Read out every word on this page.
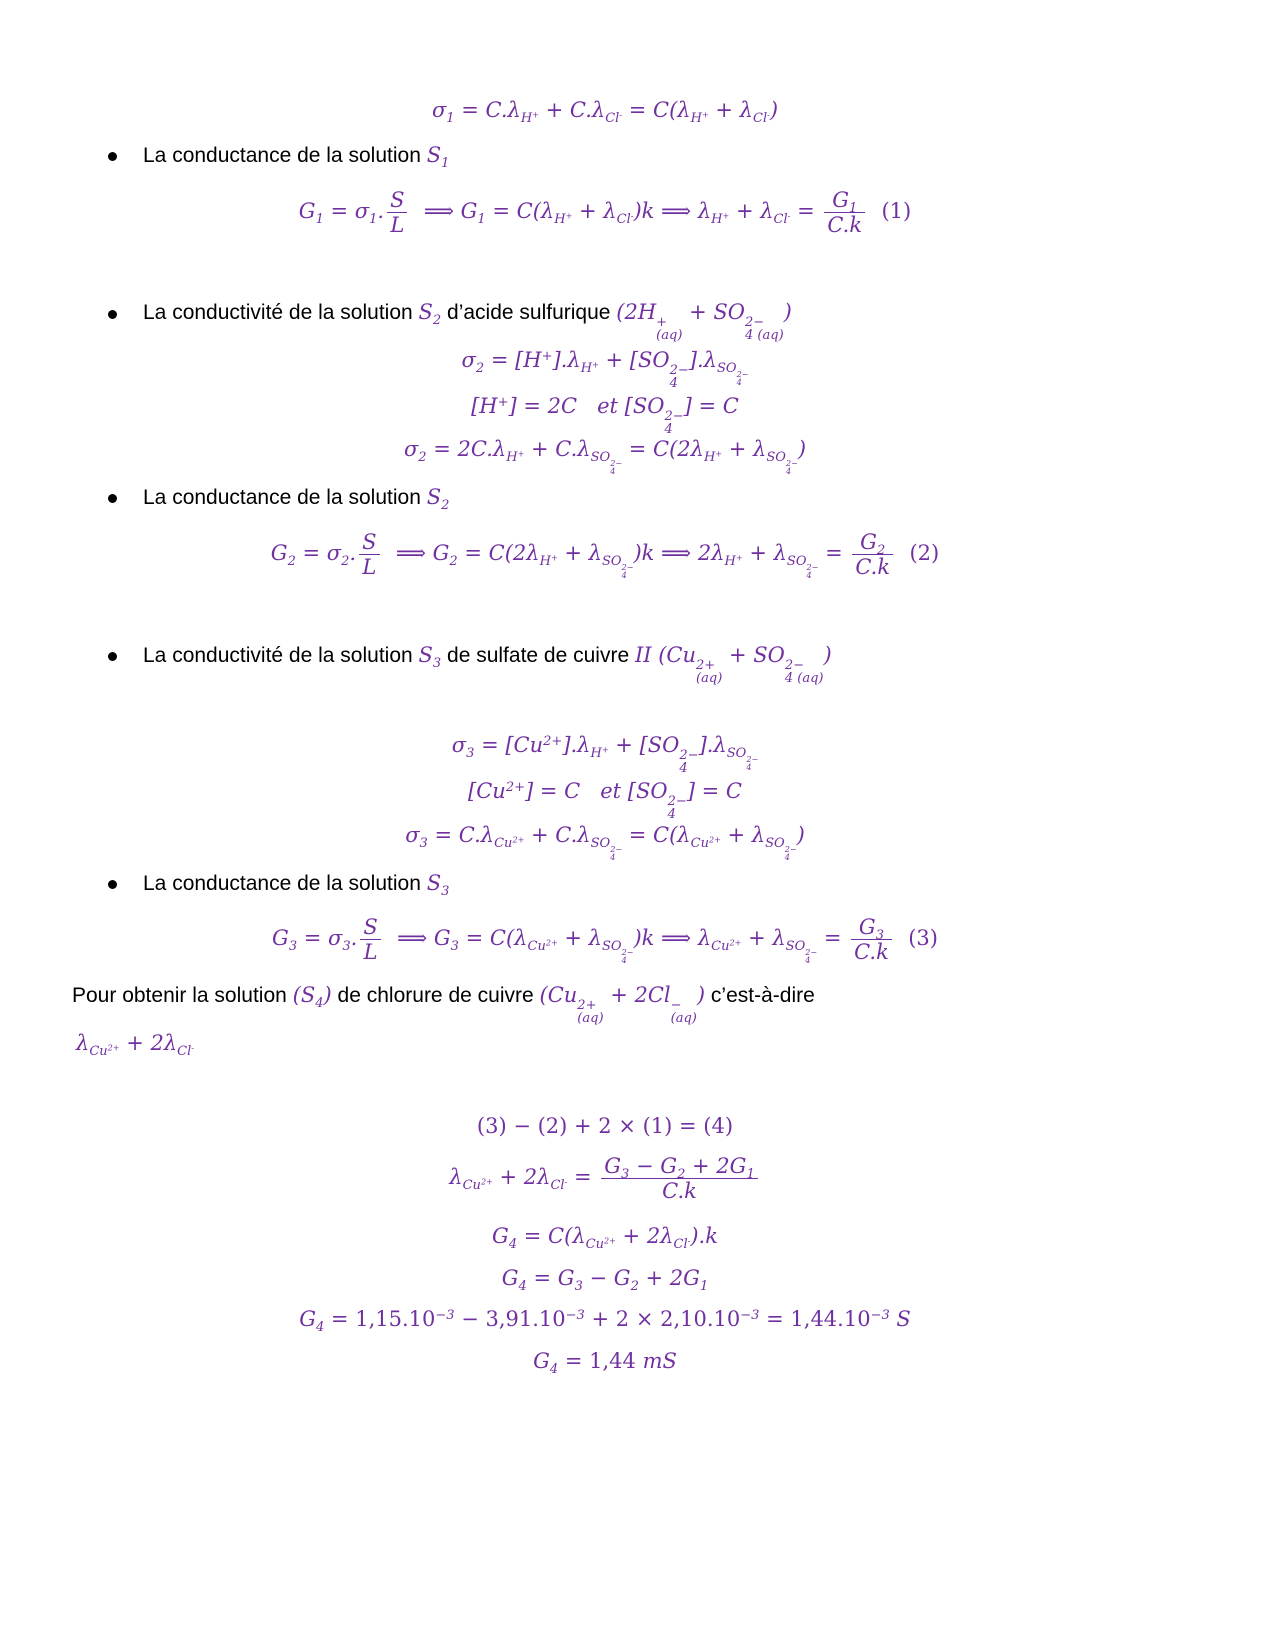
$\sigma_1 = C.\lambda_{H^+} + C.\lambda_{Cl^-} = C(\lambda_{H^+} + \lambda_{Cl^-})$
La conductance de la solution $S_1$
$G_1 = \sigma_1$. $\frac{S}{L}$ ⟹ $G_1 = C(\lambda_{H^+} + \lambda_{Cl^-})k$ ⟹ $\lambda_{H^+} + \lambda_{Cl^-} = \frac{G_1}{C.k} (1)$
La conductivité de la solution $S_2$ d’acide sulfurique (2H
(aq)
+ + SO
4 (aq)
2− )
$\sigma_2 = [H^+].\lambda_{H^+} + [SO$
4
$2- ].\lambda_{SO 4 2-}$
[H+] = 2C   et [SO
4
2− ] = C
$\sigma_2 = 2C.\lambda_{H^+} + C.\lambda_{SO 4 2-}$
= $C(2\lambda_{H^+} + \lambda_{SO 4 2-}$
)
La conductance de la solution $S_2$
$G_2 = \sigma_2$. $\frac{S}{L}$ ⟹ $G_2 = C(2\lambda_{H^+} + \lambda_{SO 4 2-}$
)k ⟹ $2\lambda_{H^+} + \lambda_{SO 4 2-}$
= $\frac{G_2}{C.k} (2)$
La conductivité de la solution $S_3$ de sulfate de cuivre II (Cu
(aq)
2+ + SO
4 (aq)
2− )
$\sigma_3 = [Cu^{2+}].\lambda_{H^+} + [SO$
4
$2- ].\lambda_{SO 4 2-}$
$[Cu^{2+}] = C$   et [SO
4
2− ] = C
$\sigma_3 = C.\lambda_{Cu^{2+}} + C.\lambda_{SO 4 2-}$
= $C(\lambda_{Cu^{2+}} + \lambda_{SO 4 2-}$
)
La conductance de la solution $S_3$
$G_3 = \sigma_3$. $\frac{S}{L}$ ⟹ $G_3 = C(\lambda_{Cu^{2+}} + \lambda_{SO 4 2-}$
)k ⟹ $\lambda_{Cu^{2+}} + \lambda_{SO 4 2-}$
= $\frac{G_3}{C.k} (3)$
Pour obtenir la solution $(S_4)$ de chlorure de cuivre (Cu
(aq)
2+ + 2Cl
(aq)
− ) c’est-à-dire
$\lambda_{Cu^{2+}} + 2\lambda_{Cl^-}$
(3) − (2) + 2 × (1) = (4)
$\lambda_{Cu^{2+}} + 2\lambda_{Cl^-} = \frac{G_3 - G_2 + 2G_1}{C.k}$
$G_4 = C(\lambda_{Cu^{2+}} + 2\lambda_{Cl^-}).k$
$G_4 = G_3 - G_2 + 2G_1$
$G_4 = 1,15.10^{-3} - 3,91.10^{-3} + 2 \times 2,10.10^{-3} = 1,44.10^{-3}$ S
$G_4 = 1,44$ mS
